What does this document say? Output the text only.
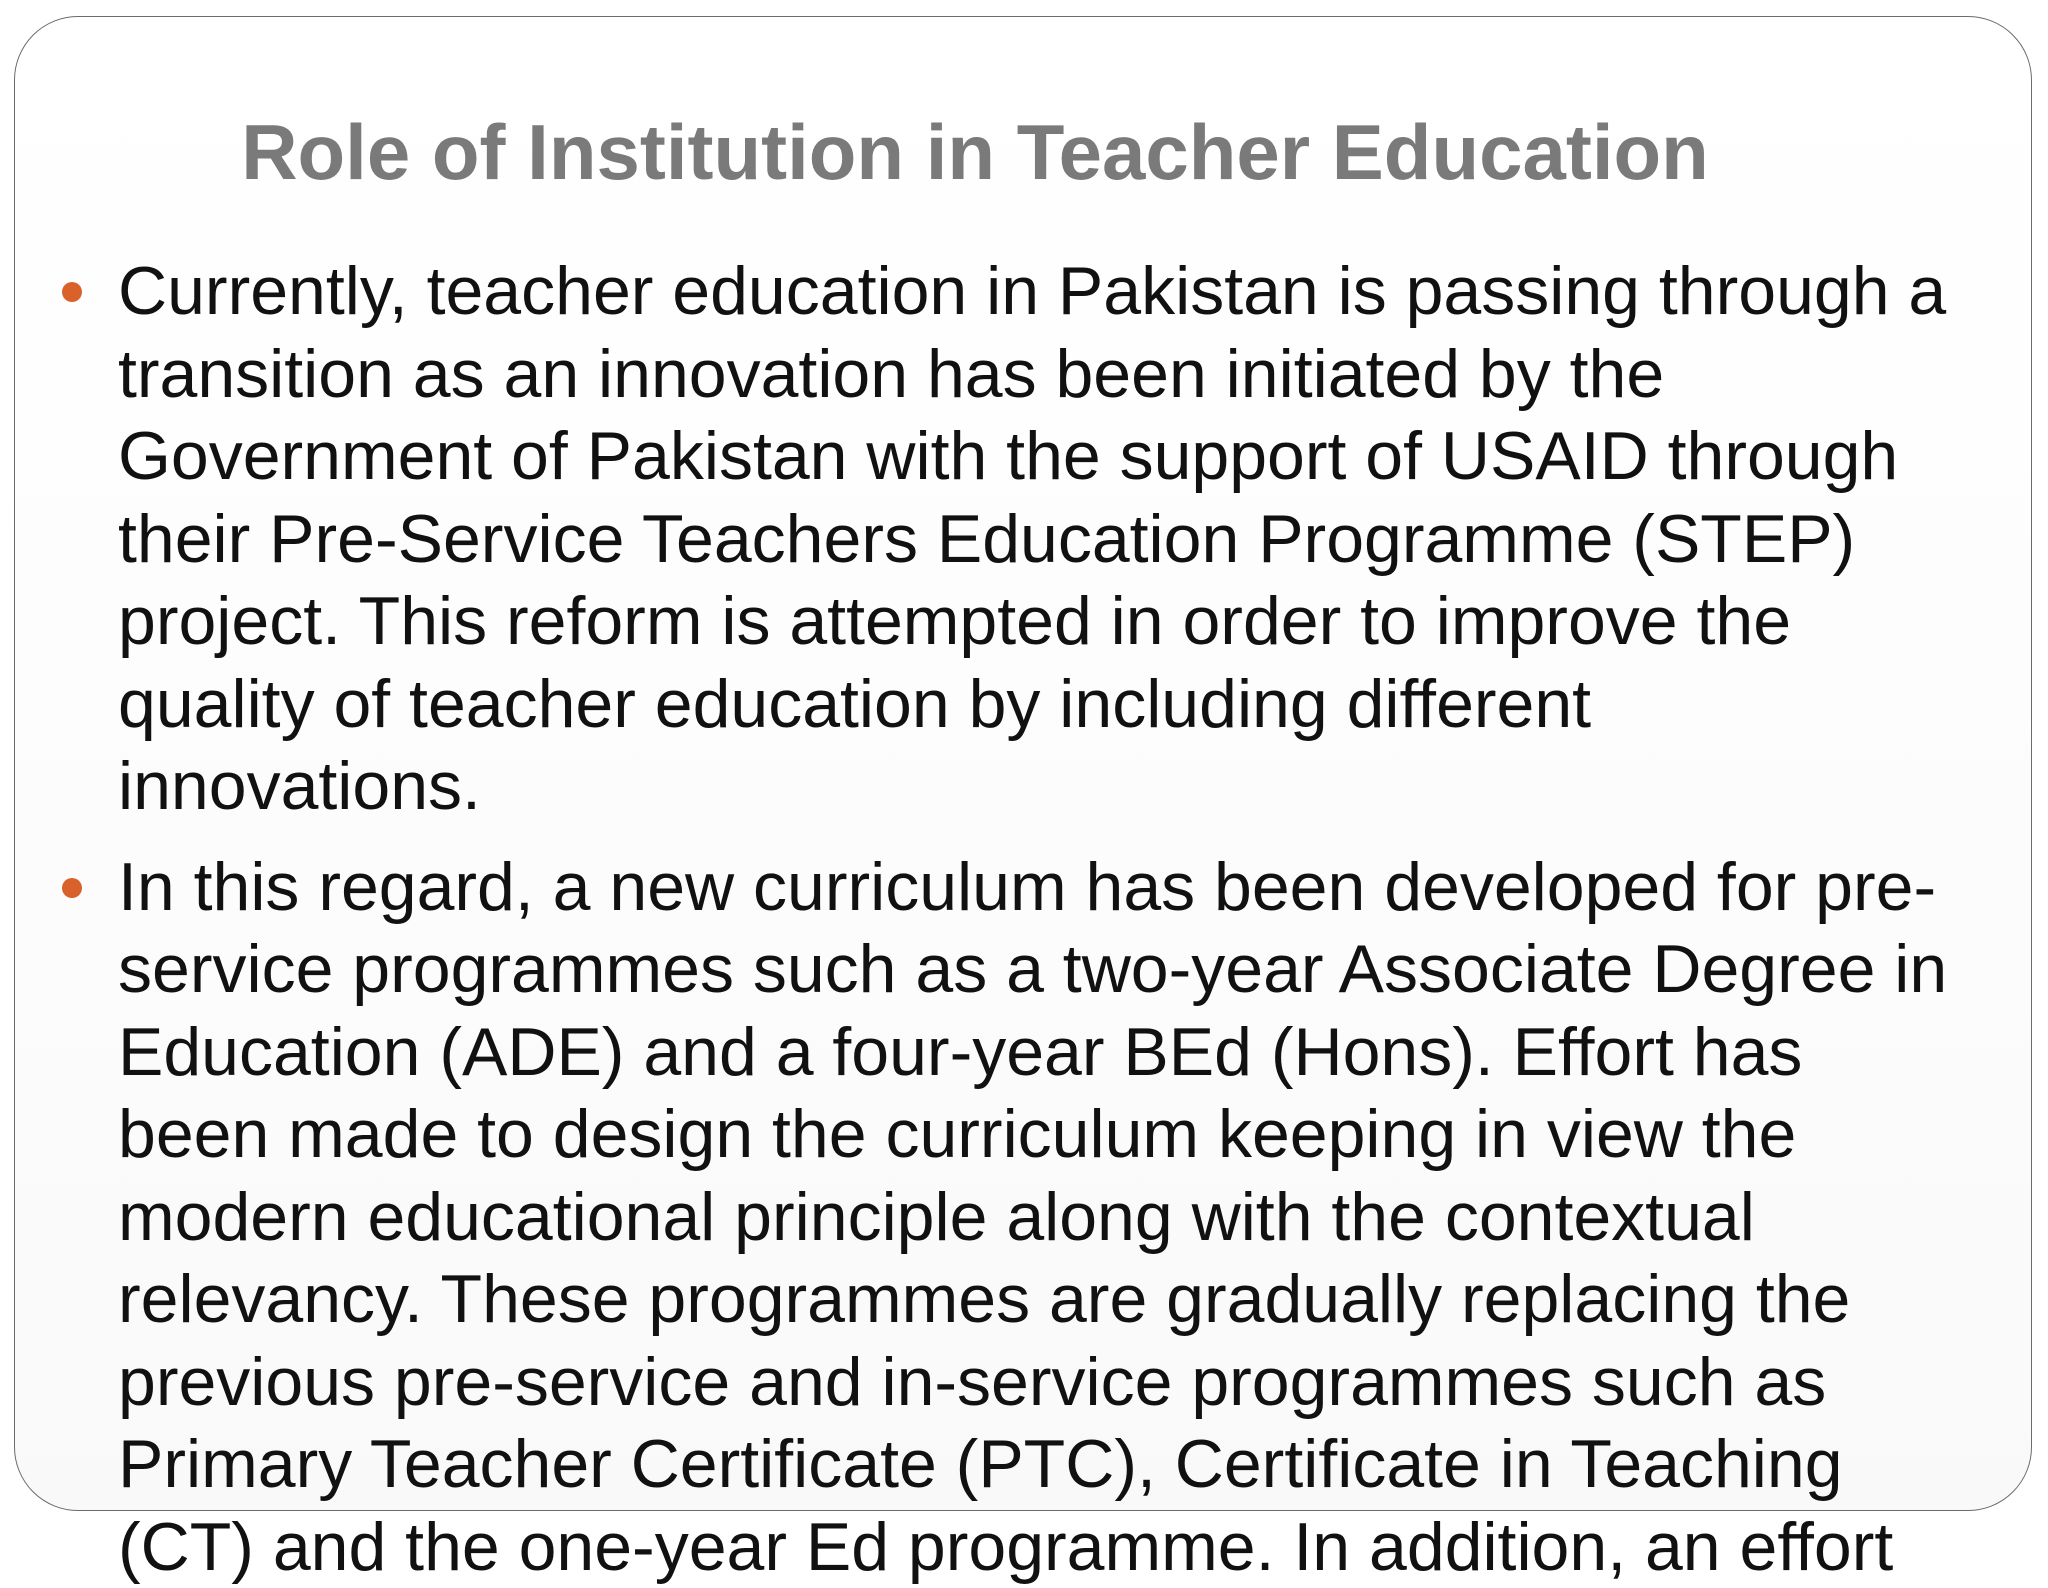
Role of Institution in Teacher Education
Currently, teacher education in Pakistan is passing through a
transition as an innovation has been initiated by the
Government of Pakistan with the support of USAID through
their Pre-Service Teachers Education Programme (STEP)
project. This reform is attempted in order to improve the
quality of teacher education by including different
innovations.
In this regard, a new curriculum has been developed for pre-
service programmes such as a two-year Associate Degree in
Education (ADE) and a four-year BEd (Hons). Effort has
been made to design the curriculum keeping in view the
modern educational principle along with the contextual
relevancy. These programmes are gradually replacing the
previous pre-service and in-service programmes such as
Primary Teacher Certificate (PTC), Certificate in Teaching
(CT) and the one-year Ed programme. In addition, an effort
